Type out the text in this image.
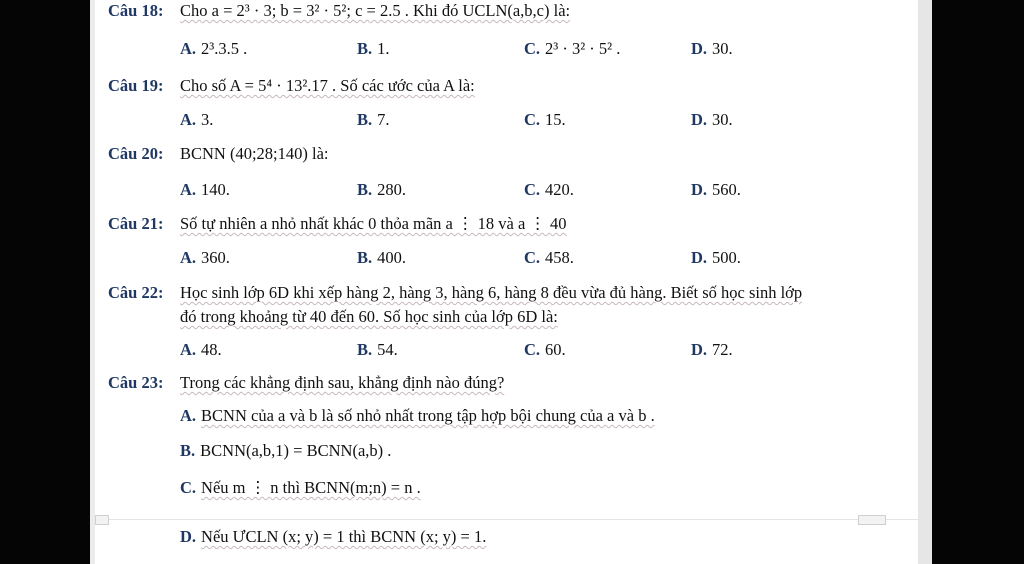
Câu 18: Cho a = 2³ · 3; b = 3² · 5²; c = 2.5 . Khi đó UCLN(a,b,c) là:
A. 2³.3.5 .	B. 1.	C. 2³ · 3² · 5² .	D. 30.
Câu 19: Cho số A = 5⁴ · 13².17 . Số các ước của A là:
A. 3.	B. 7.	C. 15.	D. 30.
Câu 20: BCNN (40;28;140) là:
A. 140.	B. 280.	C. 420.	D. 560.
Câu 21: Số tự nhiên a nhỏ nhất khác 0 thỏa mãn a ⋮ 18 và a ⋮ 40
A. 360.	B. 400.	C. 458.	D. 500.
Câu 22: Học sinh lớp 6D khi xếp hàng 2, hàng 3, hàng 6, hàng 8 đều vừa đủ hàng. Biết số học sinh lớp
đó trong khoảng từ 40 đến 60. Số học sinh của lớp 6D là:
A. 48.	B. 54.	C. 60.	D. 72.
Câu 23: Trong các khẳng định sau, khẳng định nào đúng?
A. BCNN của a và b là số nhỏ nhất trong tập hợp bội chung của a và b .
B. BCNN(a,b,1) = BCNN(a,b) .
C. Nếu m ⋮ n thì BCNN(m;n) = n .
D. Nếu ƯCLN (x; y) = 1 thì BCNN (x; y) = 1.
